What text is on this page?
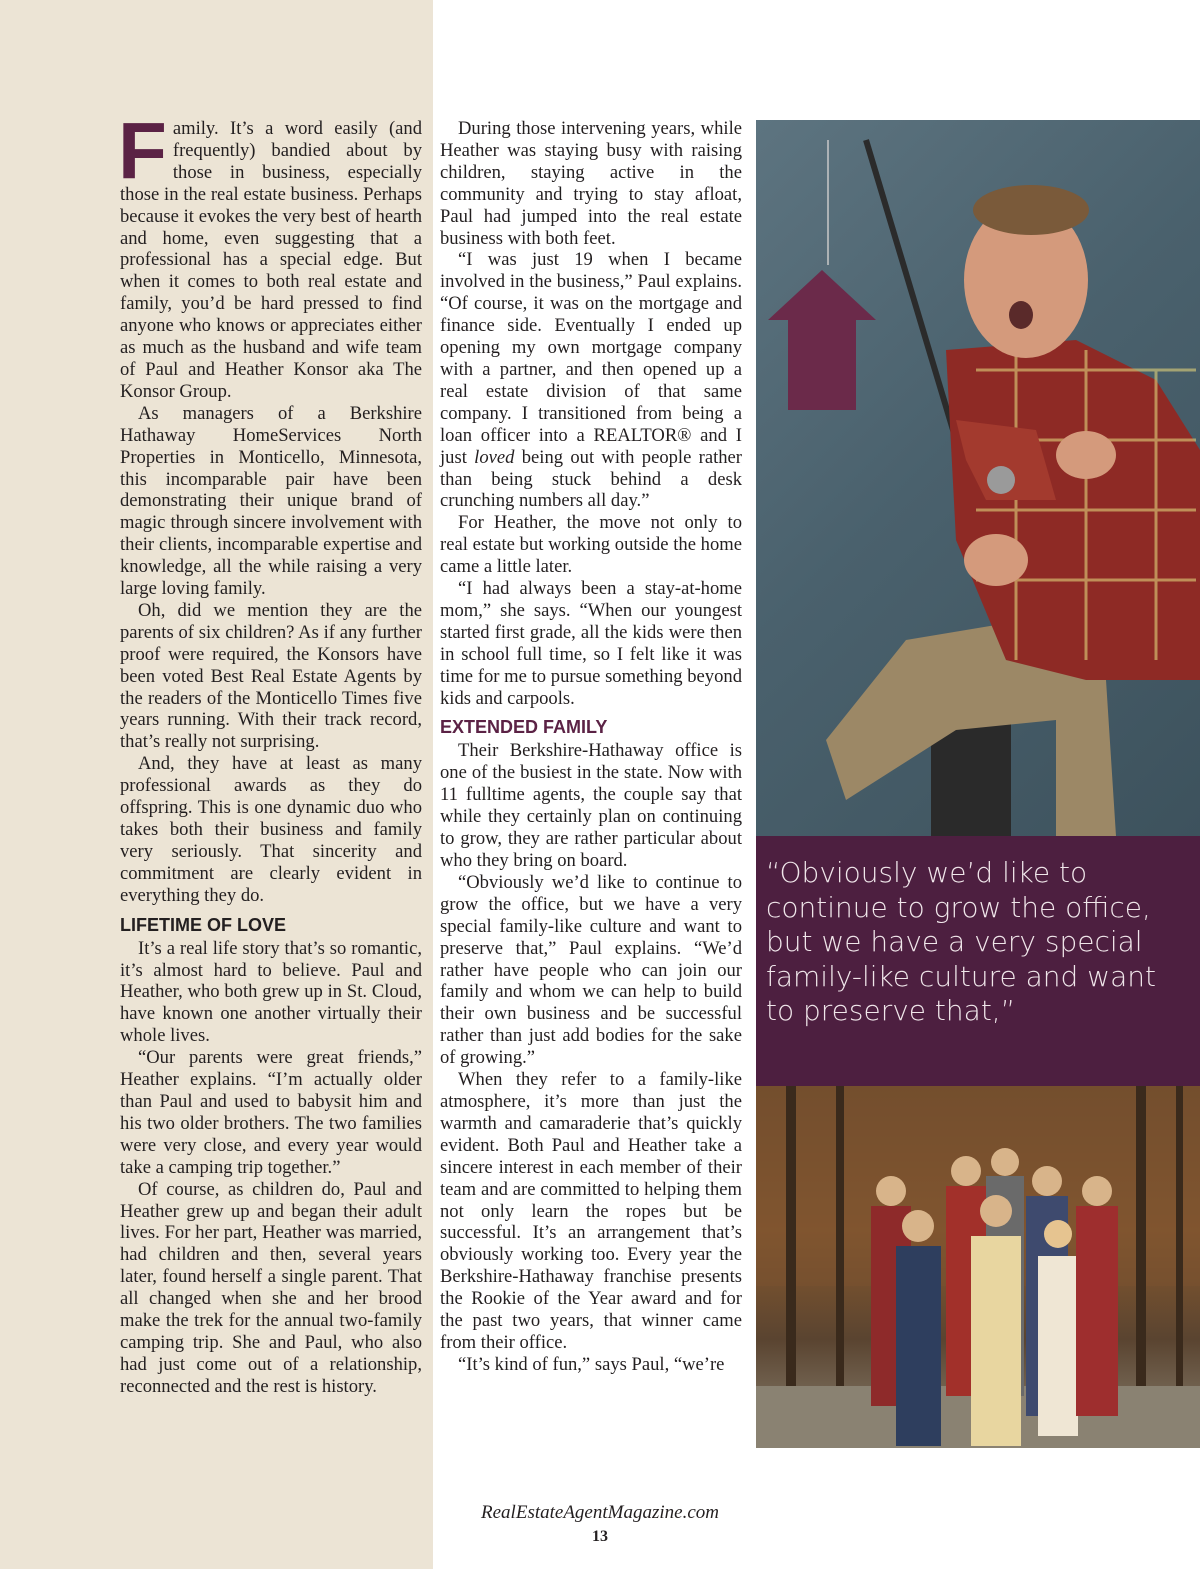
Family. It’s a word easily (and frequently) bandied about by those in business, especially those in the real estate business. Perhaps because it evokes the very best of hearth and home, even suggesting that a professional has a special edge. But when it comes to both real estate and family, you’d be hard pressed to find anyone who knows or appreciates either as much as the husband and wife team of Paul and Heather Konsor aka The Konsor Group.

As managers of a Berkshire Hathaway HomeServices North Properties in Monticello, Minnesota, this incomparable pair have been demonstrating their unique brand of magic through sincere involvement with their clients, incomparable expertise and knowledge, all the while raising a very large loving family.

Oh, did we mention they are the parents of six children? As if any further proof were required, the Konsors have been voted Best Real Estate Agents by the readers of the Monticello Times five years running. With their track record, that’s really not surprising.

And, they have at least as many professional awards as they do offspring. This is one dynamic duo who takes both their business and family very seriously. That sincerity and commitment are clearly evident in everything they do.

LIFETIME OF LOVE

It’s a real life story that’s so romantic, it’s almost hard to believe. Paul and Heather, who both grew up in St. Cloud, have known one another virtually their whole lives.

“Our parents were great friends,” Heather explains. “I’m actually older than Paul and used to babysit him and his two older brothers. The two families were very close, and every year would take a camping trip together.”

Of course, as children do, Paul and Heather grew up and began their adult lives. For her part, Heather was married, had children and then, several years later, found herself a single parent. That all changed when she and her brood make the trek for the annual two-family camping trip. She and Paul, who also had just come out of a relationship, reconnected and the rest is history.

During those intervening years, while Heather was staying busy with raising children, staying active in the community and trying to stay afloat, Paul had jumped into the real estate business with both feet.

“I was just 19 when I became involved in the business,” Paul explains. “Of course, it was on the mortgage and finance side. Eventually I ended up opening my own mortgage company with a partner, and then opened up a real estate division of that same company. I transitioned from being a loan officer into a REALTOR® and I just loved being out with people rather than being stuck behind a desk crunching numbers all day.”

For Heather, the move not only to real estate but working outside the home came a little later.

“I had always been a stay-at-home mom,” she says. “When our youngest started first grade, all the kids were then in school full time, so I felt like it was time for me to pursue something beyond kids and carpools.

EXTENDED FAMILY

Their Berkshire-Hathaway office is one of the busiest in the state. Now with 11 fulltime agents, the couple say that while they certainly plan on continuing to grow, they are rather particular about who they bring on board.

“Obviously we’d like to continue to grow the office, but we have a very special family-like culture and want to preserve that,” Paul explains. “We’d rather have people who can join our family and whom we can help to build their own business and be successful rather than just add bodies for the sake of growing.”

When they refer to a family-like atmosphere, it’s more than just the warmth and camaraderie that’s quickly evident. Both Paul and Heather take a sincere interest in each member of their team and are committed to helping them not only learn the ropes but be successful. It’s an arrangement that’s obviously working too. Every year the Berkshire-Hathaway franchise presents the Rookie of the Year award and for the past two years, that winner came from their office.

“It’s kind of fun,” says Paul, “we’re

“Obviously we’d like to continue to grow the office, but we have a very special family-like culture and want to preserve that,”
RealEstateAgentMagazine.com
13
